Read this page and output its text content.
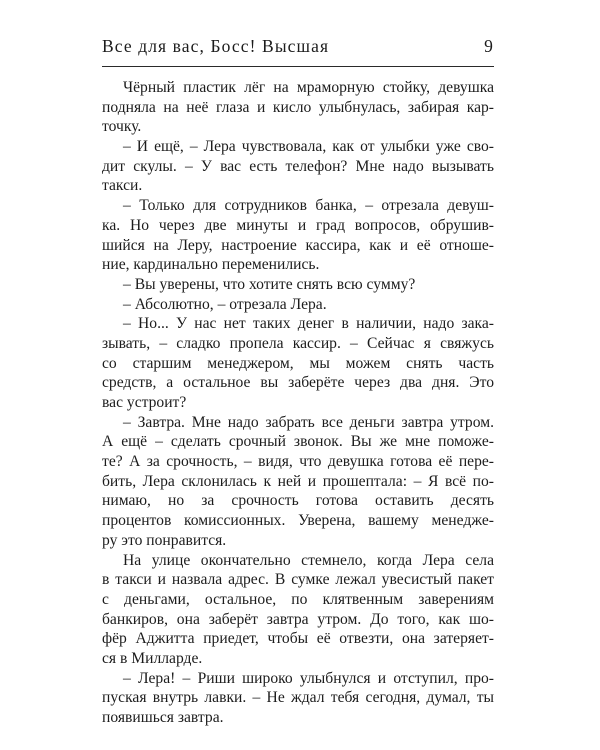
Все для вас, Босс! Высшая	9
Чёрный пластик лёг на мраморную стойку, девушка
подняла на неё глаза и кисло улыбнулась, забирая кар-
точку.
– И ещё, – Лера чувствовала, как от улыбки уже сво-
дит скулы. – У вас есть телефон? Мне надо вызывать
такси.
– Только для сотрудников банка, – отрезала девуш-
ка. Но через две минуты и град вопросов, обрушив-
шийся на Леру, настроение кассира, как и её отноше-
ние, кардинально переменились.
– Вы уверены, что хотите снять всю сумму?
– Абсолютно, – отрезала Лера.
– Но... У нас нет таких денег в наличии, надо зака-
зывать, – сладко пропела кассир. – Сейчас я свяжусь
со старшим менеджером, мы можем снять часть
средств, а остальное вы заберёте через два дня. Это
вас устроит?
– Завтра. Мне надо забрать все деньги завтра утром.
А ещё – сделать срочный звонок. Вы же мне поможе-
те? А за срочность, – видя, что девушка готова её пере-
бить, Лера склонилась к ней и прошептала: – Я всё по-
нимаю, но за срочность готова оставить десять
процентов комиссионных. Уверена, вашему менедже-
ру это понравится.
На улице окончательно стемнело, когда Лера села
в такси и назвала адрес. В сумке лежал увесистый пакет
с деньгами, остальное, по клятвенным заверениям
банкиров, она заберёт завтра утром. До того, как шо-
фёр Аджитта приедет, чтобы её отвезти, она затеряет-
ся в Милларде.
– Лера! – Риши широко улыбнулся и отступил, про-
пуская внутрь лавки. – Не ждал тебя сегодня, думал, ты
появишься завтра.
